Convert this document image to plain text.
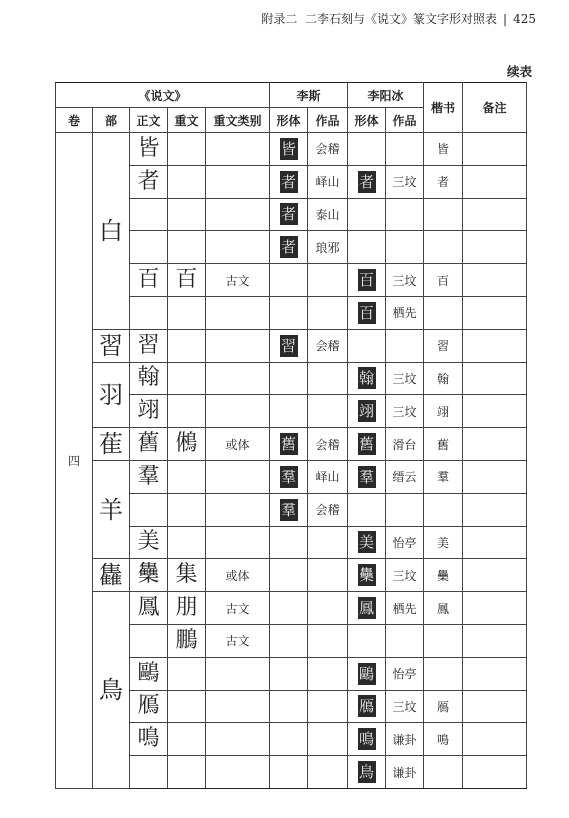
附录二 二李石刻与《说文》篆文字形对照表 | 425
续表
《说文》					李斯		李阳冰		楷书	备注
卷	部	正文	重文	重文类别	形体	作品	形体	作品		
四	白	皆			皆	会稽			皆	
		者			者	峄山	者	三坟	者	
					者	泰山				
					者	琅邪				
		百	百	古文			百	三坟	百	
							百	栖先		
	習	習			習	会稽			習	
	羽	翰					翰	三坟	翰	
		翊					翊	三坟	翊	
	萑	舊	鵂	或体	舊	会稽	舊	滑台	舊	
	羊	羣			羣	峄山	羣	缙云	羣	
					羣	会稽				
		美					美	怡亭	美	
	雥	雧	集	或体			雧	三坟	雧	
	鳥	鳳	朋	古文			鳳	栖先	鳳	
			鵬	古文						
		鷗					鷗	怡亭		
		鴈					鴈	三坟	鴈	
		鳴					鳴	谦卦	鳴	
							鳥	谦卦		
